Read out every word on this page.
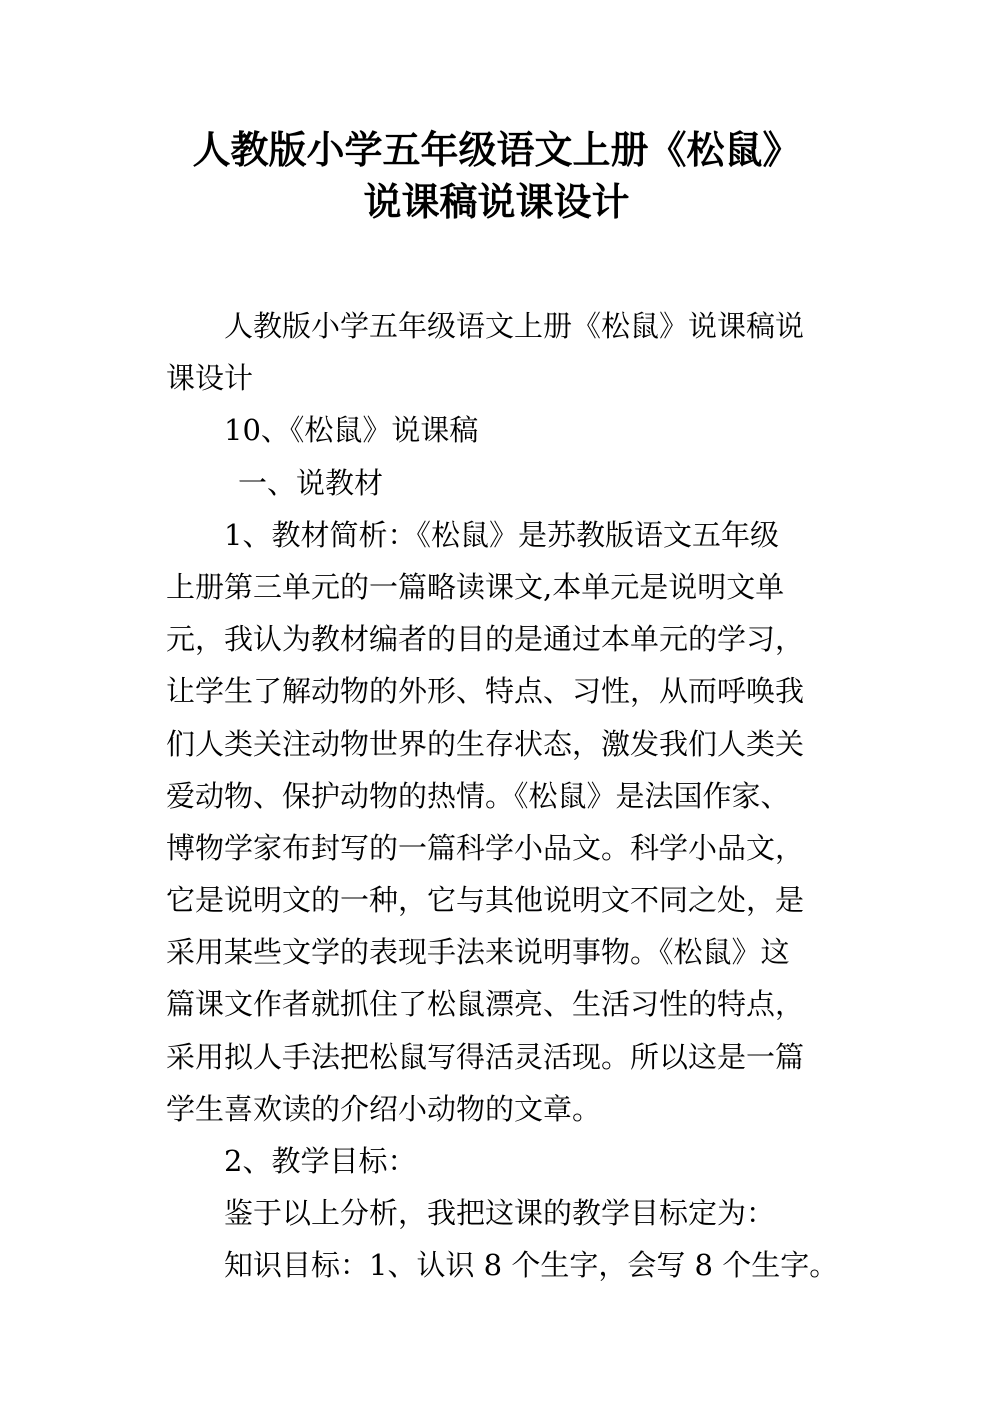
人教版小学五年级语文上册《松鼠》
说课稿说课设计

人教版小学五年级语文上册《松鼠》说课稿说

课设计

10、《松鼠》说课稿

一、说教材

1、教材简析：《松鼠》是苏教版语文五年级

上册第三单元的一篇略读课文,本单元是说明文单

元，我认为教材编者的目的是通过本单元的学习，

让学生了解动物的外形、特点、习性，从而呼唤我

们人类关注动物世界的生存状态，激发我们人类关

爱动物、保护动物的热情。《松鼠》是法国作家、

博物学家布封写的一篇科学小品文。科学小品文，

它是说明文的一种，它与其他说明文不同之处，是

采用某些文学的表现手法来说明事物。《松鼠》这

篇课文作者就抓住了松鼠漂亮、生活习性的特点，

采用拟人手法把松鼠写得活灵活现。所以这是一篇

学生喜欢读的介绍小动物的文章。

2、教学目标：

鉴于以上分析，我把这课的教学目标定为：

知识目标：1、认识 8 个生字，会写 8 个生字。
